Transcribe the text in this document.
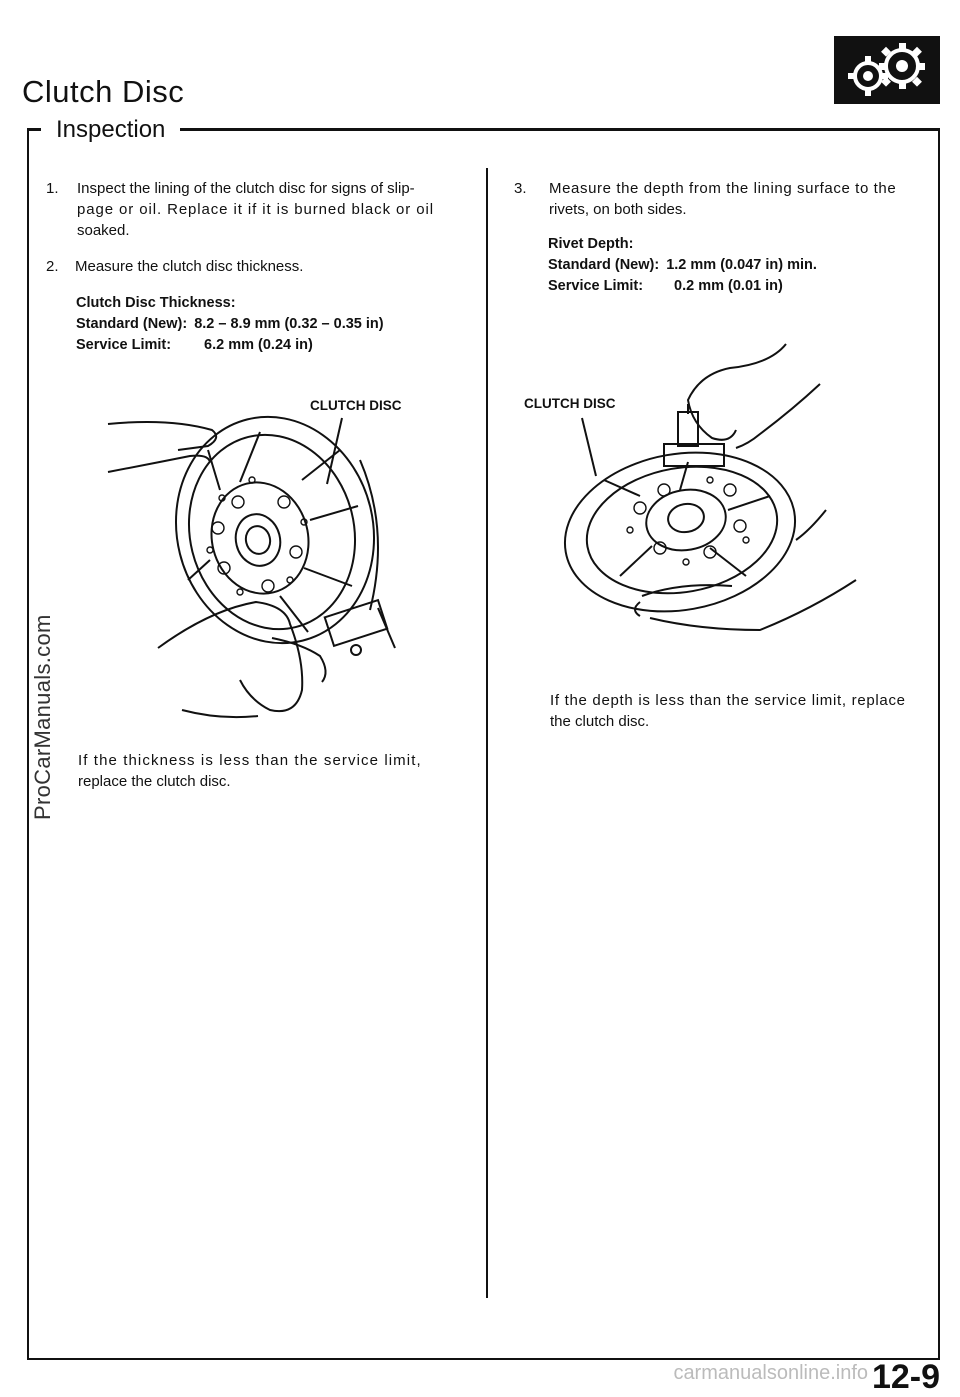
Clutch Disc
Inspection
1. Inspect the lining of the clutch disc for signs of slip-
page or oil. Replace it if it is burned black or oil
soaked.
2. Measure the clutch disc thickness.
Clutch Disc Thickness:
Standard (New): 8.2 – 8.9 mm (0.32 – 0.35 in)
Service Limit: 6.2 mm (0.24 in)
CLUTCH DISC
If the thickness is less than the service limit,
replace the clutch disc.
3. Measure the depth from the lining surface to the
rivets, on both sides.
Rivet Depth:
Standard (New): 1.2 mm (0.047 in) min.
Service Limit: 0.2 mm (0.01 in)
CLUTCH DISC
If the depth is less than the service limit, replace
the clutch disc.
ProCarManuals.com
carmanualsonline.info 12-9
